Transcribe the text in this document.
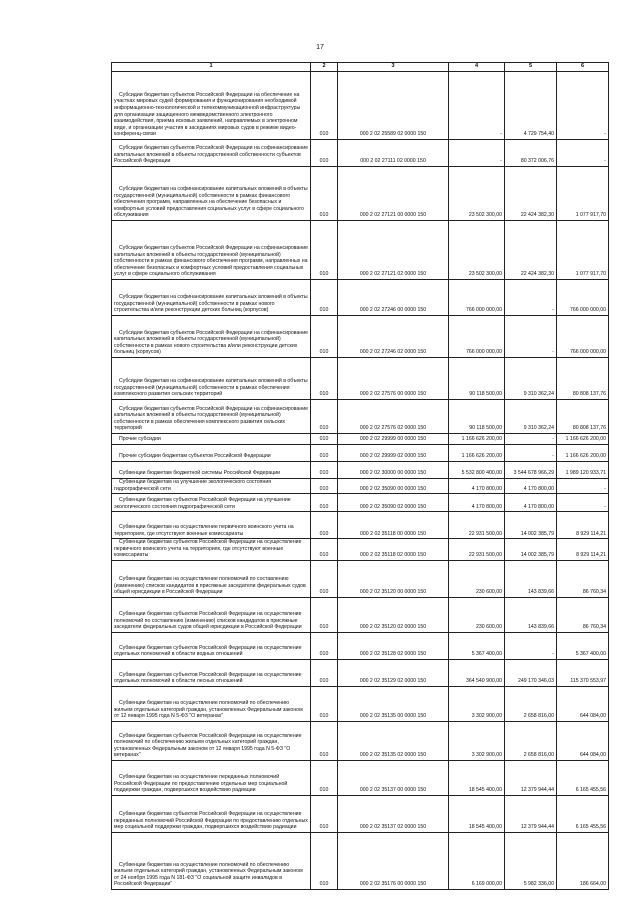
17
1	2	3	4	5	6
Субсидии бюджетам субъектов Российской Федерации на обеспечение на участках мировых судей формирования и функционирования необходимой информационно-технологической и телекоммуникационной инфраструктуры для организации защищенного межведомственного электронного взаимодействия, приема исковых заявлений, направляемых в электронном виде, и организации участия в заседаниях мировых судов в режиме видео-конференц-связи	010	000 2 02 25589 02 0000 150	-	4 729 754,40	-
Субсидии бюджетам субъектов Российской Федерации на софинансирование капитальных вложений в объекты государственной собственности субъектов Российской Федерации	010	000 2 02 27111 02 0000 150	-	80 372 006,76	-
Субсидии бюджетам на софинансирование капитальных вложений в объекты государственной (муниципальной) собственности в рамках финансового обеспечения программ, направленных на обеспечение безопасных и комфортных условий предоставления социальных услуг в сфере социального обслуживания	010	000 2 02 27121 00 0000 150	23 502 300,00	22 424 382,30	1 077 917,70
Субсидии бюджетам субъектов Российской Федерации на софинансирование капитальных вложений в объекты государственной (муниципальной) собственности в рамках финансового обеспечения программ, направленных на обеспечение безопасных и комфортных условий предоставления социальных услуг в сфере социального обслуживания	010	000 2 02 27121 02 0000 150	23 502 300,00	22 424 382,30	1 077 917,70
Субсидии бюджетам на софинансирование капитальных вложений в объекты государственной (муниципальной) собственности в рамках нового строительства и/или реконструкции детских больниц (корпусов)	010	000 2 02 27246 00 0000 150	766 000 000,00	-	766 000 000,00
Субсидии бюджетам субъектов Российской Федерации на софинансирование капитальных вложений в объекты государственной (муниципальной) собственности в рамках нового строительства и/или реконструкции детских больниц (корпусов)	010	000 2 02 27246 02 0000 150	766 000 000,00	-	766 000 000,00
Субсидии бюджетам на софинансирование капитальных вложений в объекты государственной (муниципальной) собственности в рамках обеспечения комплексного развития сельских территорий	010	000 2 02 27576 00 0000 150	90 118 500,00	9 310 362,24	80 808 137,76
Субсидии бюджетам субъектов Российской Федерации на софинансирование капитальных вложений в объекты государственной (муниципальной) собственности в рамках обеспечения комплексного развития сельских территорий	010	000 2 02 27576 02 0000 150	90 118 500,00	9 310 362,24	80 808 137,76
Прочие субсидии	010	000 2 02 29999 00 0000 150	1 166 626 200,00	-	1 166 626 200,00
Прочие субсидии бюджетам субъектов Российской Федерации	010	000 2 02 29999 02 0000 150	1 166 626 200,00	-	1 166 626 200,00
Субвенции бюджетам бюджетной системы Российской Федерации	010	000 2 02 30000 00 0000 150	5 532 800 400,00	3 544 678 966,29	1 989 120 933,71
Субвенции бюджетам на улучшение экологического состояния гидрографической сети	010	000 2 02 35090 00 0000 150	4 170 800,00	4 170 800,00	-
Субвенции бюджетам субъектов Российской Федерации на улучшение экологического состояния гидрографической сети	010	000 2 02 35090 02 0000 150	4 170 800,00	4 170 800,00	-
Субвенции бюджетам на осуществление первичного воинского учета на территориях, где отсутствуют военные комиссариаты	010	000 2 02 35118 00 0000 150	22 931 500,00	14 002 385,79	8 929 114,21
Субвенции бюджетам субъектов Российской Федерации на осуществление первичного воинского учета на территориях, где отсутствуют военные комиссариаты	010	000 2 02 35118 02 0000 150	22 931 500,00	14 002 385,79	8 929 114,21
Субвенции бюджетам на осуществление полномочий по составлению (изменению) списков кандидатов в присяжные заседатели федеральных судов общей юрисдикции в Российской Федерации	010	000 2 02 35120 00 0000 150	230 600,00	143 839,66	86 760,34
Субвенции бюджетам субъектов Российской Федерации на осуществление полномочий по составлению (изменению) списков кандидатов в присяжные заседатели федеральных судов общей юрисдикции в Российской Федерации	010	000 2 02 35120 02 0000 150	230 600,00	143 839,66	86 760,34
Субвенции бюджетам субъектов Российской Федерации на осуществление отдельных полномочий в области водных отношений	010	000 2 02 35128 02 0000 150	5 367 400,00	-	5 367 400,00
Субвенции бюджетам субъектов Российской Федерации на осуществление отдельных полномочий в области лесных отношений	010	000 2 02 35129 02 0000 150	364 540 900,00	249 170 346,03	115 370 553,97
Субвенции бюджетам на осуществление полномочий по обеспечению жильем отдельных категорий граждан, установленных Федеральным законом от 12 января 1995 года N 5-ФЗ "О ветеранах"	010	000 2 02 35135 00 0000 150	3 302 900,00	2 658 816,00	644 084,00
Субвенции бюджетам субъектов Российской Федерации на осуществление полномочий по обеспечению жильем отдельных категорий граждан, установленных Федеральным законом от 12 января 1995 года N 5-ФЗ "О ветеранах"	010	000 2 02 35135 02 0000 150	3 302 900,00	2 658 816,00	644 084,00
Субвенции бюджетам на осуществление переданных полномочий Российской Федерации по предоставлению отдельных мер социальной поддержки граждан, подвергшихся воздействию радиации	010	000 2 02 35137 00 0000 150	18 545 400,00	12 379 944,44	6 165 455,56
Субвенции бюджетам субъектов Российской Федерации на осуществление переданных полномочий Российской Федерации по предоставлению отдельных мер социальной поддержки граждан, подвергшихся воздействию радиации	010	000 2 02 35137 02 0000 150	18 545 400,00	12 379 944,44	6 165 455,56
Субвенции бюджетам на осуществление полномочий по обеспечению жильем отдельных категорий граждан, установленных Федеральным законом от 24 ноября 1995 года N 181-ФЗ "О социальной защите инвалидов в Российской Федерации"	010	000 2 02 35176 00 0000 150	6 169 000,00	5 982 336,00	186 664,00
